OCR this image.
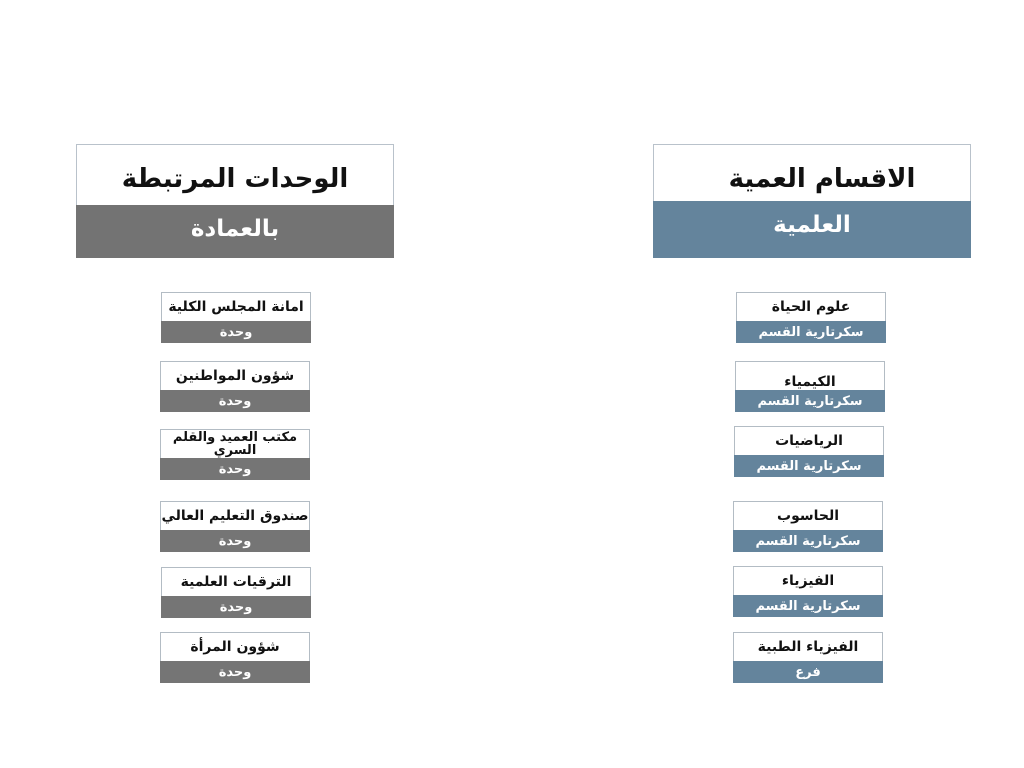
الاقسام العمية
العلمية
الوحدات المرتبطة
بالعمادة
علوم الحياة
سكرتارية القسم
الكيمياء
سكرتارية القسم
الرياضيات
سكرتارية القسم
الحاسوب
سكرتارية القسم
الفيزياء
سكرتارية القسم
الفيزياء الطبية
فرع
امانة المجلس الكلية
وحدة
شؤون المواطنين
وحدة
مكتب العميد والقلم السري
وحدة
صندوق التعليم العالي
وحدة
الترقيات العلمية
وحدة
شؤون المرأة
وحدة
